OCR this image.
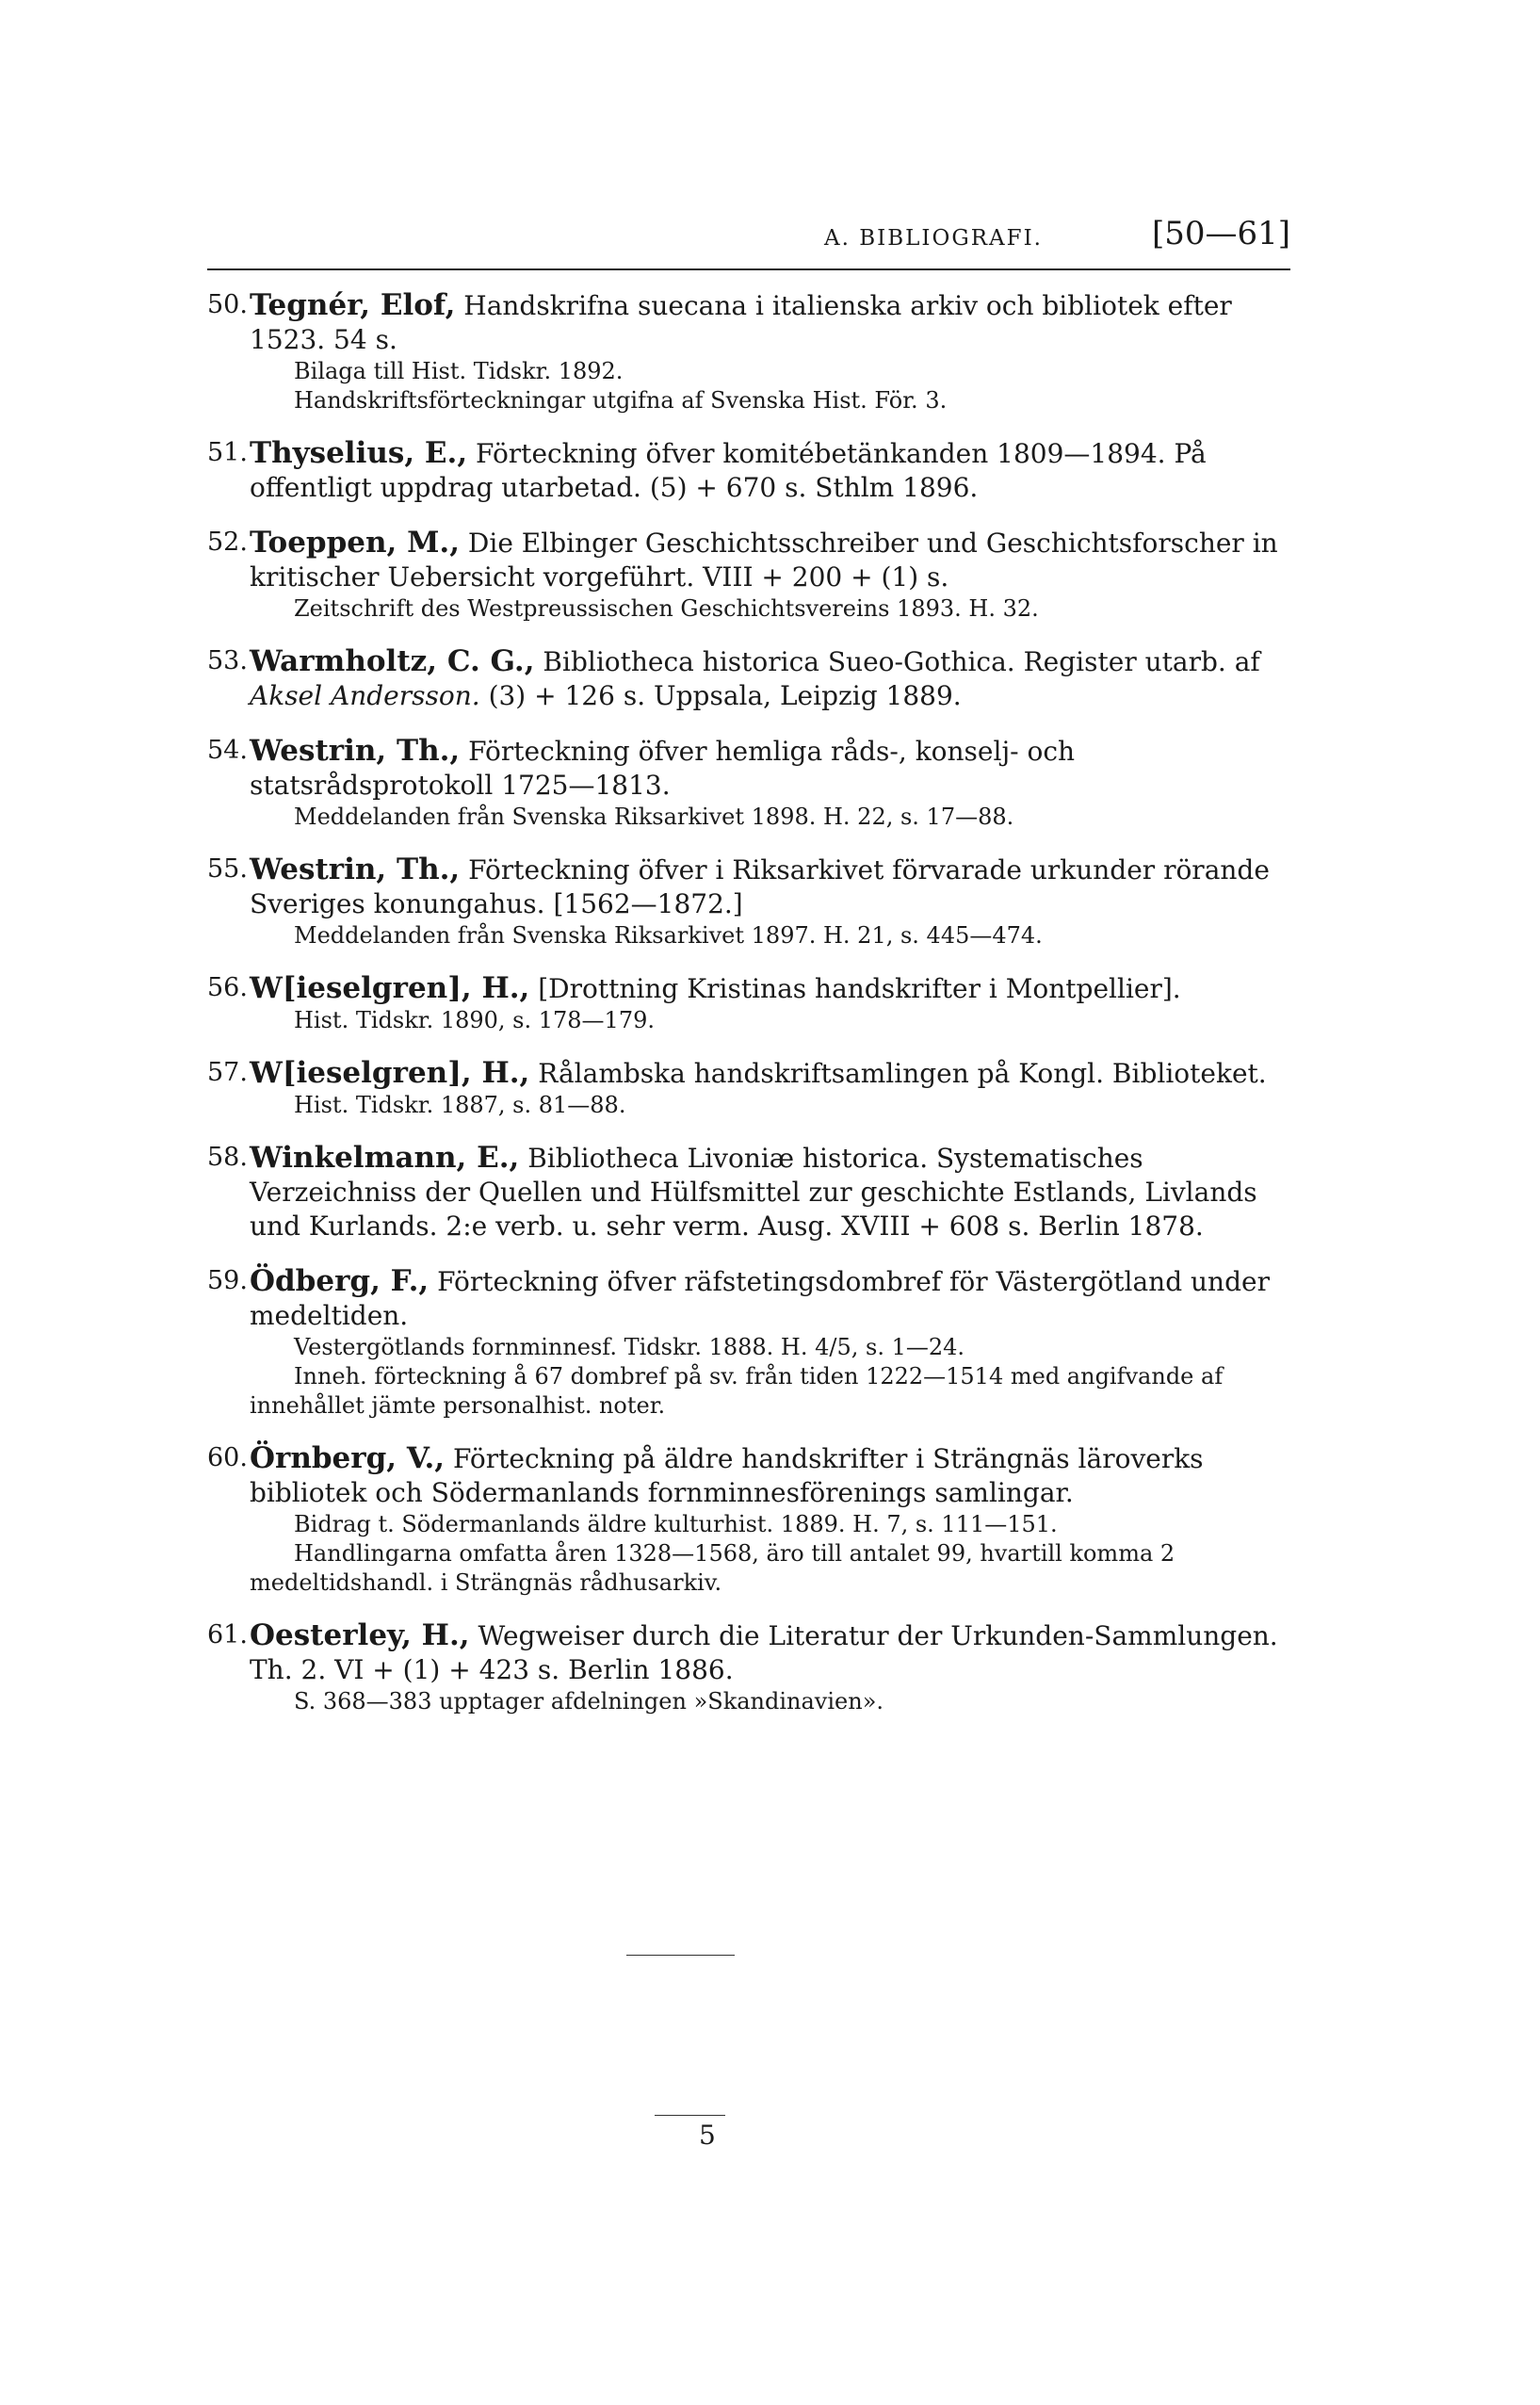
A. BIBLIOGRAFI.	[50—61]
50. Tegnér, Elof, Handskrifna suecana i italienska arkiv och bibliotek efter 1523. 54 s.
Bilaga till Hist. Tidskr. 1892.
Handskriftsförteckningar utgifna af Svenska Hist. För. 3.
51. Thyselius, E., Förteckning öfver komitébetänkanden 1809—1894. På offentligt uppdrag utarbetad. (5) + 670 s. Sthlm 1896.
52. Toeppen, M., Die Elbinger Geschichtsschreiber und Geschichtsforscher in kritischer Uebersicht vorgeführt. VIII + 200 + (1) s.
Zeitschrift des Westpreussischen Geschichtsvereins 1893. H. 32.
53. Warmholtz, C. G., Bibliotheca historica Sueo-Gothica. Register utarb. af Aksel Andersson. (3) + 126 s. Uppsala, Leipzig 1889.
54. Westrin, Th., Förteckning öfver hemliga råds-, konselj- och statsrådsprotokoll 1725—1813.
Meddelanden från Svenska Riksarkivet 1898. H. 22, s. 17—88.
55. Westrin, Th., Förteckning öfver i Riksarkivet förvarade urkunder rörande Sveriges konungahus. [1562—1872.]
Meddelanden från Svenska Riksarkivet 1897. H. 21, s. 445—474.
56. W[ieselgren], H., [Drottning Kristinas handskrifter i Montpellier].
Hist. Tidskr. 1890, s. 178—179.
57. W[ieselgren], H., Rålambska handskriftsamlingen på Kongl. Biblioteket.
Hist. Tidskr. 1887, s. 81—88.
58. Winkelmann, E., Bibliotheca Livoniæ historica. Systematisches Verzeichniss der Quellen und Hülfsmittel zur geschichte Estlands, Livlands und Kurlands. 2:e verb. u. sehr verm. Ausg. XVIII + 608 s. Berlin 1878.
59. Ödberg, F., Förteckning öfver räfstetingsdombref för Västergötland under medeltiden.
Vestergötlands fornminnesf. Tidskr. 1888. H. 4/5, s. 1—24.
Inneh. förteckning å 67 dombref på sv. från tiden 1222—1514 med angifvande af innehållet jämte personalhist. noter.
60. Örnberg, V., Förteckning på äldre handskrifter i Strängnäs läroverks bibliotek och Södermanlands fornminnesförenings samlingar.
Bidrag t. Södermanlands äldre kulturhist. 1889. H. 7, s. 111—151.
Handlingarna omfatta åren 1328—1568, äro till antalet 99, hvartill komma 2 medeltidshandl. i Strängnäs rådhusarkiv.
61. Oesterley, H., Wegweiser durch die Literatur der Urkunden-Sammlungen. Th. 2. VI + (1) + 423 s. Berlin 1886.
S. 368—383 upptager afdelningen »Skandinavien».
5
